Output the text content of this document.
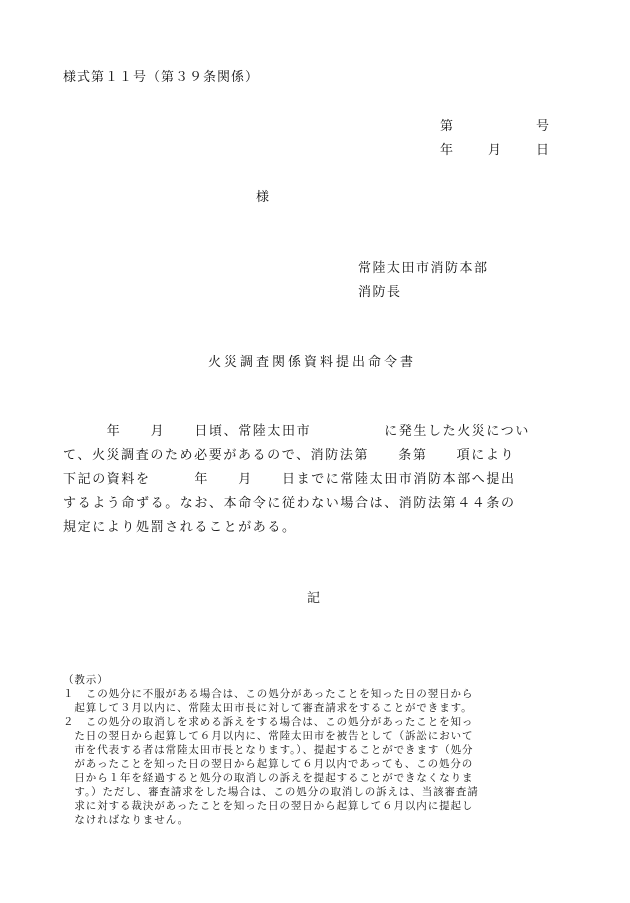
様式第１１号（第３９条関係）
第	号
年	月	日
様
常陸太田市消防本部
消防長
火災調査関係資料提出命令書
　　　年　　月　　日頃、常陸太田市　　　　　に発生した火災につい
て、火災調査のため必要があるので、消防法第　　条第　　項により
下記の資料を　　　年　　月　　日までに常陸太田市消防本部へ提出
するよう命ずる。なお、本命令に従わない場合は、消防法第４４条の
規定により処罰されることがある。
記
（教示）
１　この処分に不服がある場合は、この処分があったことを知った日の翌日から
　起算して３月以内に、常陸太田市長に対して審査請求をすることができます。
２　この処分の取消しを求める訴えをする場合は、この処分があったことを知っ
　た日の翌日から起算して６月以内に、常陸太田市を被告として（訴訟において
　市を代表する者は常陸太田市長となります。）、提起することができます（処分
　があったことを知った日の翌日から起算して６月以内であっても、この処分の
　日から１年を経過すると処分の取消しの訴えを提起することができなくなりま
　す。）ただし、審査請求をした場合は、この処分の取消しの訴えは、当該審査請
　求に対する裁決があったことを知った日の翌日から起算して６月以内に提起し
　なければなりません。
